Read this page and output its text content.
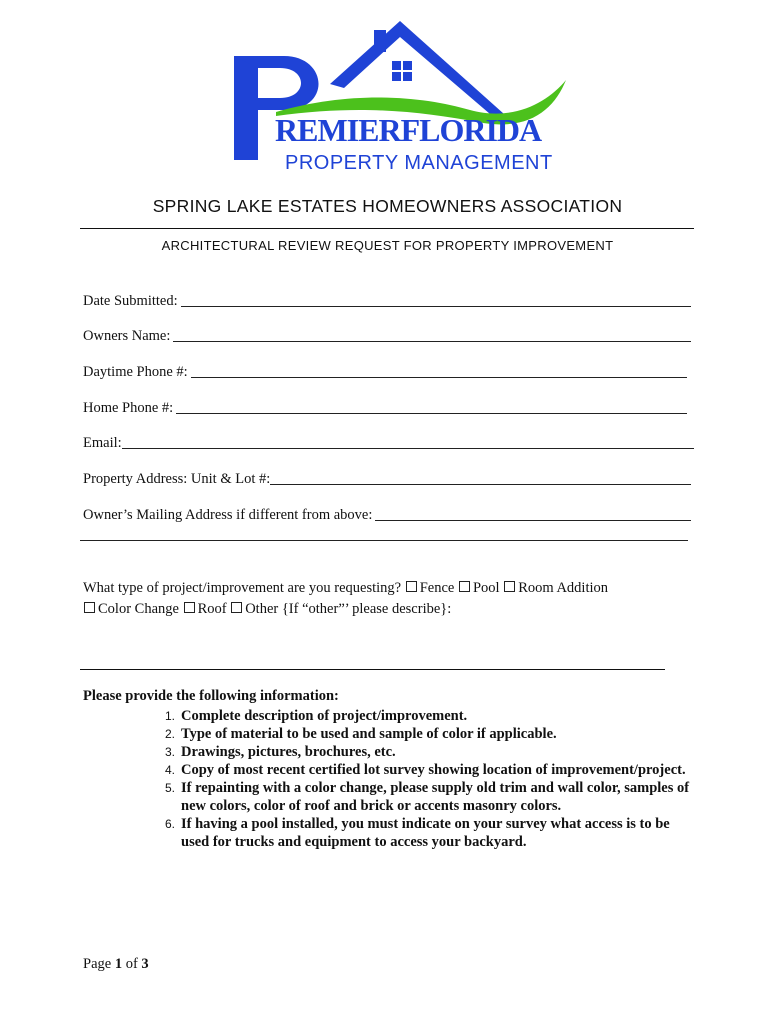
REMIERFLORIDA
PROPERTY MANAGEMENT
SPRING LAKE ESTATES HOMEOWNERS ASSOCIATION
ARCHITECTURAL REVIEW REQUEST FOR PROPERTY IMPROVEMENT
Date Submitted:
Owners Name:
Daytime Phone #:
Home Phone #:
Email:
Property Address: Unit & Lot #:
Owner’s Mailing Address if different from above:
What type of project/improvement are you requesting? Fence Pool Room Addition
Color Change Roof Other {If “other”’ please describe}:
Please provide the following information:
1. Complete description of project/improvement.
2. Type of material to be used and sample of color if applicable.
3. Drawings, pictures, brochures, etc.
4. Copy of most recent certified lot survey showing location of improvement/project.
5. If repainting with a color change, please supply old trim and wall color, samples of new colors, color of roof and brick or accents masonry colors.
6. If having a pool installed, you must indicate on your survey what access is to be used for trucks and equipment to access your backyard.
Page 1 of 3
